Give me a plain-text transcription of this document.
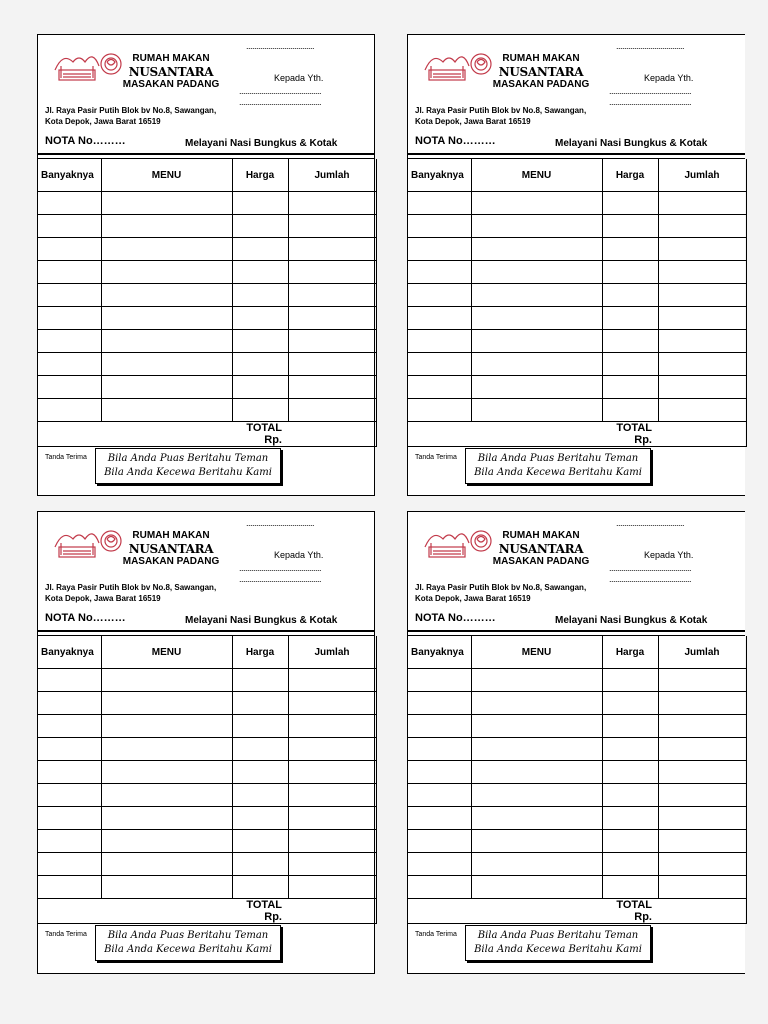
RUMAH MAKAN
NUSANTARA
MASAKAN PADANG
..................................
Kepada Yth.
.........................................
.........................................
Jl. Raya Pasir Putih Blok bv No.8, Sawangan,
Kota Depok, Jawa Barat 16519
NOTA No………	Melayani Nasi Bungkus & Kotak
Banyaknya	MENU	Harga	Jumlah

		TOTAL Rp.	
Tanda Terima	Bila Anda Puas Beritahu Teman
Bila Anda Kecewa Beritahu Kami
RUMAH MAKAN
NUSANTARA
MASAKAN PADANG
..................................
Kepada Yth.
.........................................
.........................................
Jl. Raya Pasir Putih Blok bv No.8, Sawangan,
Kota Depok, Jawa Barat 16519
NOTA No………	Melayani Nasi Bungkus & Kotak
Banyaknya	MENU	Harga	Jumlah

		TOTAL Rp.	
Tanda Terima	Bila Anda Puas Beritahu Teman
Bila Anda Kecewa Beritahu Kami
RUMAH MAKAN
NUSANTARA
MASAKAN PADANG
..................................
Kepada Yth.
.........................................
.........................................
Jl. Raya Pasir Putih Blok bv No.8, Sawangan,
Kota Depok, Jawa Barat 16519
NOTA No………	Melayani Nasi Bungkus & Kotak
Banyaknya	MENU	Harga	Jumlah

		TOTAL Rp.	
Tanda Terima	Bila Anda Puas Beritahu Teman
Bila Anda Kecewa Beritahu Kami
RUMAH MAKAN
NUSANTARA
MASAKAN PADANG
..................................
Kepada Yth.
.........................................
.........................................
Jl. Raya Pasir Putih Blok bv No.8, Sawangan,
Kota Depok, Jawa Barat 16519
NOTA No………	Melayani Nasi Bungkus & Kotak
Banyaknya	MENU	Harga	Jumlah

		TOTAL Rp.	
Tanda Terima	Bila Anda Puas Beritahu Teman
Bila Anda Kecewa Beritahu Kami
